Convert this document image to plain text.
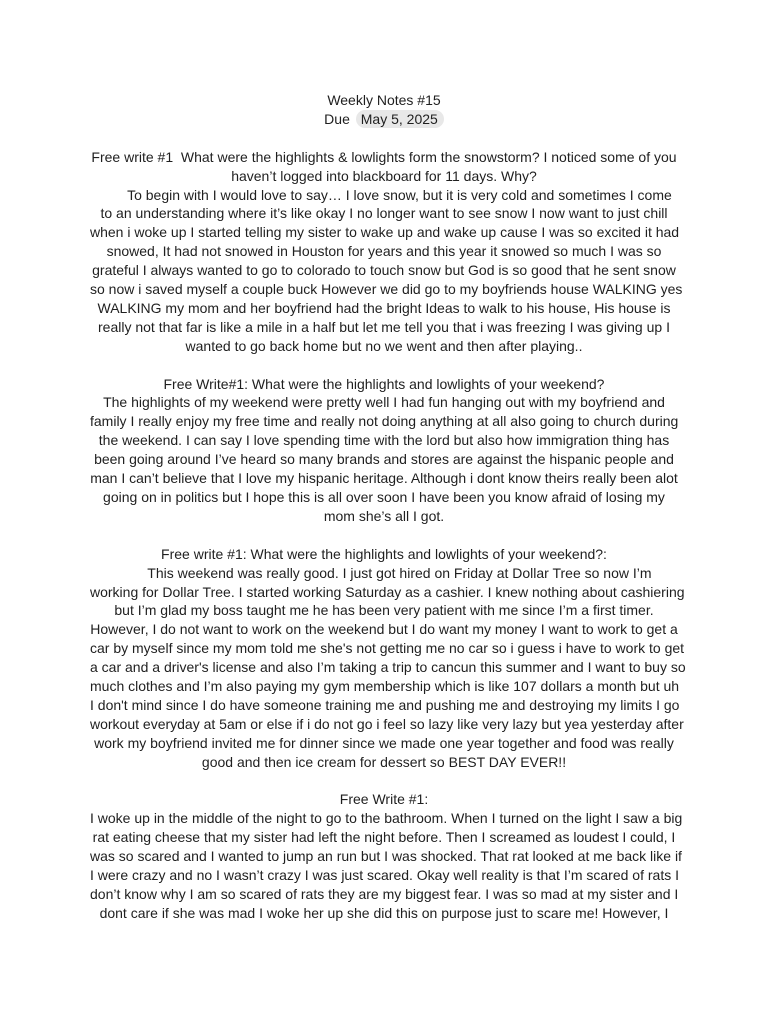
Weekly Notes #15

Due May 5, 2025

Free write #1  What were the highlights & lowlights form the snowstorm? I noticed some of you
haven’t logged into blackboard for 11 days. Why?
To begin with I would love to say… I love snow, but it is very cold and sometimes I come
to an understanding where it’s like okay I no longer want to see snow I now want to just chill
when i woke up I started telling my sister to wake up and wake up cause I was so excited it had
snowed, It had not snowed in Houston for years and this year it snowed so much I was so
grateful I always wanted to go to colorado to touch snow but God is so good that he sent snow
so now i saved myself a couple buck However we did go to my boyfriends house WALKING yes
WALKING my mom and her boyfriend had the bright Ideas to walk to his house, His house is
really not that far is like a mile in a half but let me tell you that i was freezing I was giving up I
wanted to go back home but no we went and then after playing..

Free Write#1: What were the highlights and lowlights of your weekend?
The highlights of my weekend were pretty well I had fun hanging out with my boyfriend and
family I really enjoy my free time and really not doing anything at all also going to church during
the weekend. I can say I love spending time with the lord but also how immigration thing has
been going around I’ve heard so many brands and stores are against the hispanic people and
man I can’t believe that I love my hispanic heritage. Although i dont know theirs really been alot
going on in politics but I hope this is all over soon I have been you know afraid of losing my
mom she’s all I got.

Free write #1: What were the highlights and lowlights of your weekend?:
This weekend was really good. I just got hired on Friday at Dollar Tree so now I’m
working for Dollar Tree. I started working Saturday as a cashier. I knew nothing about cashiering
but I’m glad my boss taught me he has been very patient with me since I’m a first timer.
However, I do not want to work on the weekend but I do want my money I want to work to get a
car by myself since my mom told me she's not getting me no car so i guess i have to work to get
a car and a driver's license and also I’m taking a trip to cancun this summer and I want to buy so
much clothes and I’m also paying my gym membership which is like 107 dollars a month but uh
I don't mind since I do have someone training me and pushing me and destroying my limits I go
workout everyday at 5am or else if i do not go i feel so lazy like very lazy but yea yesterday after
work my boyfriend invited me for dinner since we made one year together and food was really
good and then ice cream for dessert so BEST DAY EVER!!

Free Write #1:
I woke up in the middle of the night to go to the bathroom. When I turned on the light I saw a big
rat eating cheese that my sister had left the night before. Then I screamed as loudest I could, I
was so scared and I wanted to jump an run but I was shocked. That rat looked at me back like if
I were crazy and no I wasn’t crazy I was just scared. Okay well reality is that I’m scared of rats I
don’t know why I am so scared of rats they are my biggest fear. I was so mad at my sister and I
dont care if she was mad I woke her up she did this on purpose just to scare me! However, I
